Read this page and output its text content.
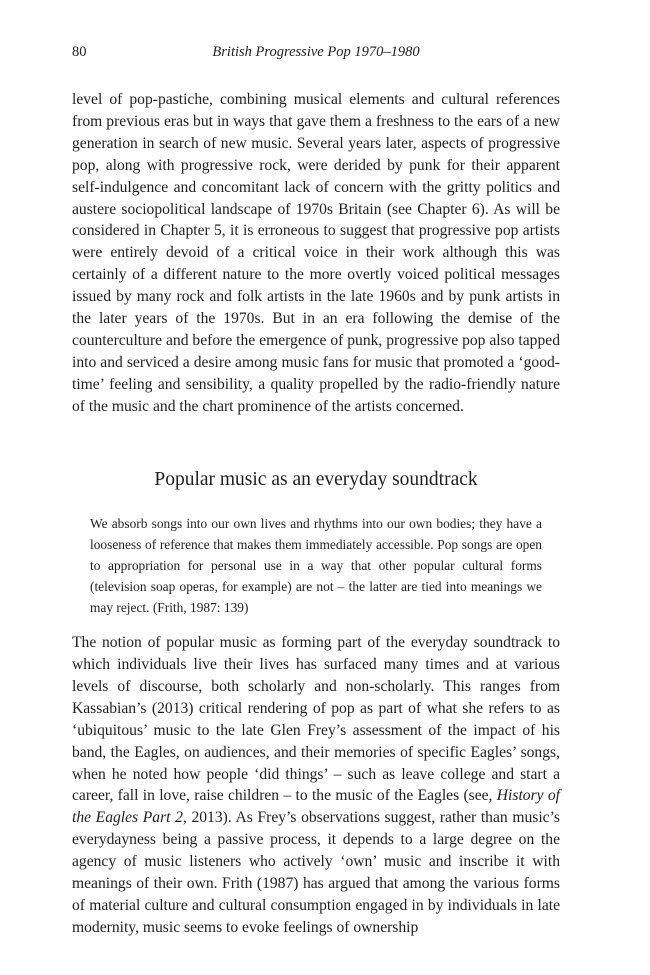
80	British Progressive Pop 1970–1980

level of pop-pastiche, combining musical elements and cultural references from previous eras but in ways that gave them a freshness to the ears of a new generation in search of new music. Several years later, aspects of progressive pop, along with progressive rock, were derided by punk for their apparent self-indulgence and concomitant lack of concern with the gritty politics and austere sociopolitical landscape of 1970s Britain (see Chapter 6). As will be considered in Chapter 5, it is erroneous to suggest that progressive pop artists were entirely devoid of a critical voice in their work although this was certainly of a different nature to the more overtly voiced political messages issued by many rock and folk artists in the late 1960s and by punk artists in the later years of the 1970s. But in an era following the demise of the counterculture and before the emergence of punk, progressive pop also tapped into and serviced a desire among music fans for music that promoted a ‘good-time’ feeling and sensibility, a quality propelled by the radio-friendly nature of the music and the chart prominence of the artists concerned.

Popular music as an everyday soundtrack

We absorb songs into our own lives and rhythms into our own bodies; they have a looseness of reference that makes them immediately accessible. Pop songs are open to appropriation for personal use in a way that other popular cultural forms (television soap operas, for example) are not – the latter are tied into meanings we may reject. (Frith, 1987: 139)

The notion of popular music as forming part of the everyday soundtrack to which individuals live their lives has surfaced many times and at various levels of discourse, both scholarly and non-scholarly. This ranges from Kassabian’s (2013) critical rendering of pop as part of what she refers to as ‘ubiquitous’ music to the late Glen Frey’s assessment of the impact of his band, the Eagles, on audiences, and their memories of specific Eagles’ songs, when he noted how people ‘did things’ – such as leave college and start a career, fall in love, raise children – to the music of the Eagles (see, History of the Eagles Part 2, 2013). As Frey’s observations suggest, rather than music’s everydayness being a passive process, it depends to a large degree on the agency of music listeners who actively ‘own’ music and inscribe it with meanings of their own. Frith (1987) has argued that among the various forms of material culture and cultural consumption engaged in by individuals in late modernity, music seems to evoke feelings of ownership
